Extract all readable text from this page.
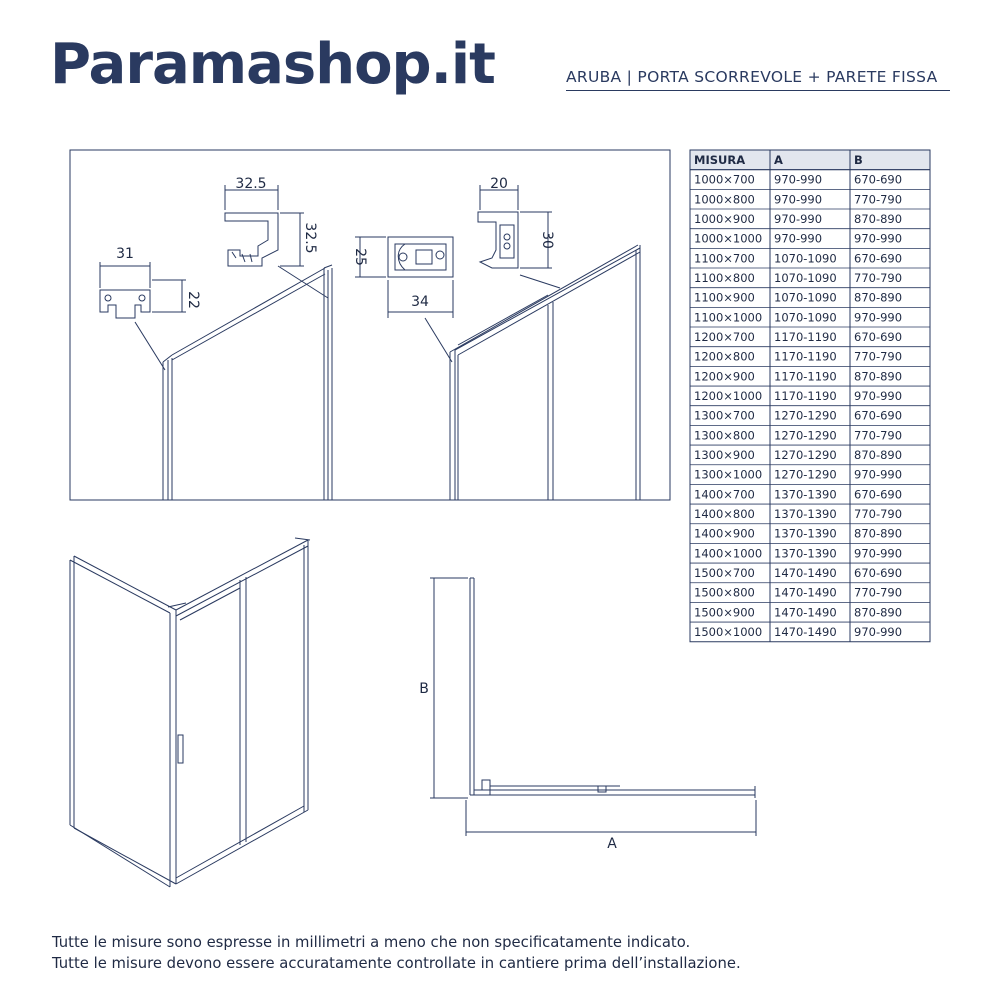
Paramashop.it	ARUBA | PORTA SCORREVOLE + PARETE FISSA
31
22
32.5
32.5
25
34
20
30
B
A
MISURA	A	B
1000×700 970-990	670-690
1000×800 970-990	770-790
1000×900 970-990	870-890
1000×1000 970-990	970-990
1100×700 1070-1090 670-690
1100×800 1070-1090 770-790
1100×900 1070-1090 870-890
1100×1000 1070-1090 970-990
1200×700 1170-1190 670-690
1200×800 1170-1190 770-790
1200×900 1170-1190 870-890
1200×1000 1170-1190 970-990
1300×700 1270-1290 670-690
1300×800 1270-1290 770-790
1300×900 1270-1290 870-890
1300×1000 1270-1290 970-990
1400×700 1370-1390 670-690
1400×800 1370-1390 770-790
1400×900 1370-1390 870-890
1400×1000 1370-1390 970-990
1500×700 1470-1490 670-690
1500×800 1470-1490 770-790
1500×900 1470-1490 870-890
1500×1000 1470-1490 970-990
Tutte le misure sono espresse in millimetri a meno che non specificatamente indicato.
Tutte le misure devono essere accuratamente controllate in cantiere prima dell’installazione.
